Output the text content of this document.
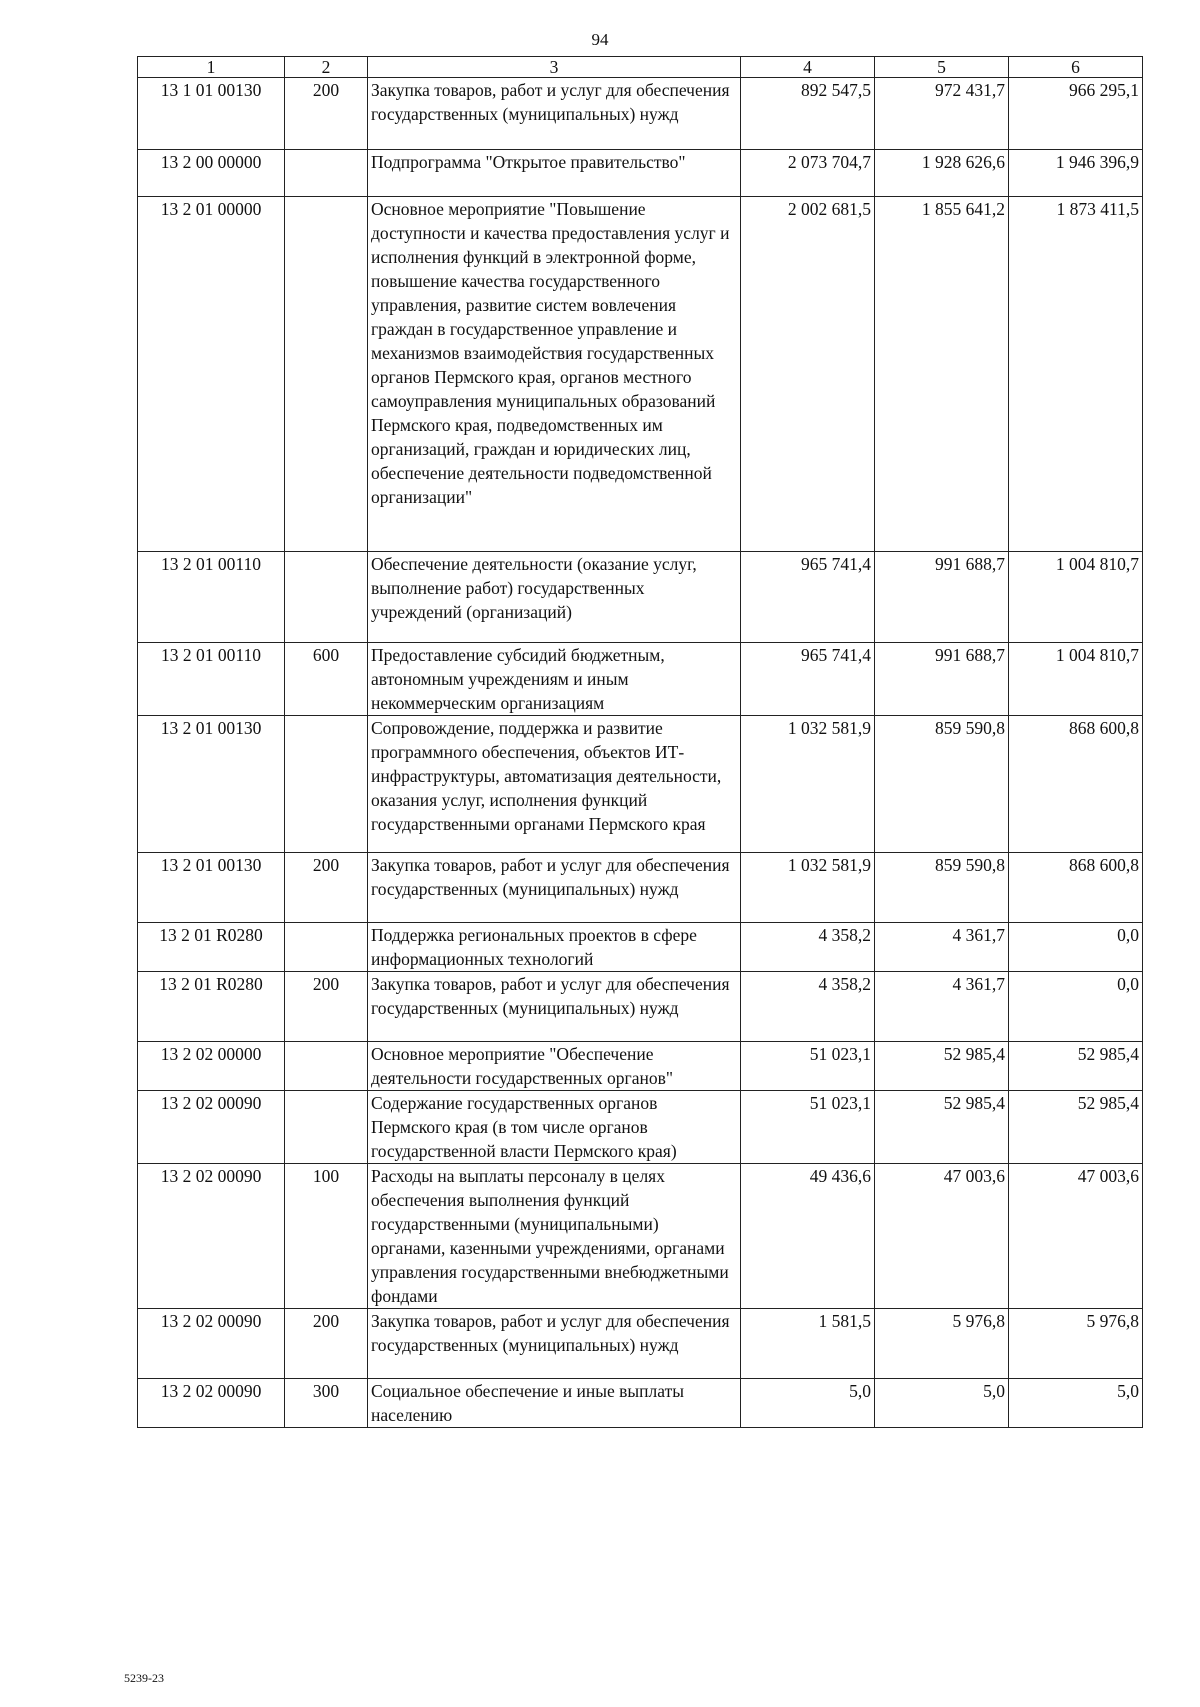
94
1	2	3	4	5	6
13 1 01 00130	200	Закупка товаров, работ и услуг для обеспечения государственных (муниципальных) нужд	892 547,5	972 431,7	966 295,1
13 2 00 00000		Подпрограмма "Открытое правительство"	2 073 704,7	1 928 626,6	1 946 396,9
13 2 01 00000		Основное мероприятие "Повышение доступности и качества предоставления услуг и исполнения функций в электронной форме, повышение качества государственного управления, развитие систем вовлечения граждан в государственное управление и механизмов взаимодействия государственных органов Пермского края, органов местного самоуправления муниципальных образований Пермского края, подведомственных им организаций, граждан и юридических лиц, обеспечение деятельности подведомственной организации"	2 002 681,5	1 855 641,2	1 873 411,5
13 2 01 00110		Обеспечение деятельности (оказание услуг, выполнение работ) государственных учреждений (организаций)	965 741,4	991 688,7	1 004 810,7
13 2 01 00110	600	Предоставление субсидий бюджетным, автономным учреждениям и иным некоммерческим организациям	965 741,4	991 688,7	1 004 810,7
13 2 01 00130		Сопровождение, поддержка и развитие программного обеспечения, объектов ИТ-инфраструктуры, автоматизация деятельности, оказания услуг, исполнения функций государственными органами Пермского края	1 032 581,9	859 590,8	868 600,8
13 2 01 00130	200	Закупка товаров, работ и услуг для обеспечения государственных (муниципальных) нужд	1 032 581,9	859 590,8	868 600,8
13 2 01 R0280		Поддержка региональных проектов в сфере информационных технологий	4 358,2	4 361,7	0,0
13 2 01 R0280	200	Закупка товаров, работ и услуг для обеспечения государственных (муниципальных) нужд	4 358,2	4 361,7	0,0
13 2 02 00000		Основное мероприятие "Обеспечение деятельности государственных органов"	51 023,1	52 985,4	52 985,4
13 2 02 00090		Содержание государственных органов Пермского края (в том числе органов государственной власти Пермского края)	51 023,1	52 985,4	52 985,4
13 2 02 00090	100	Расходы на выплаты персоналу в целях обеспечения выполнения функций государственными (муниципальными) органами, казенными учреждениями, органами управления государственными внебюджетными фондами	49 436,6	47 003,6	47 003,6
13 2 02 00090	200	Закупка товаров, работ и услуг для обеспечения государственных (муниципальных) нужд	1 581,5	5 976,8	5 976,8
13 2 02 00090	300	Социальное обеспечение и иные выплаты населению	5,0	5,0	5,0
5239-23
